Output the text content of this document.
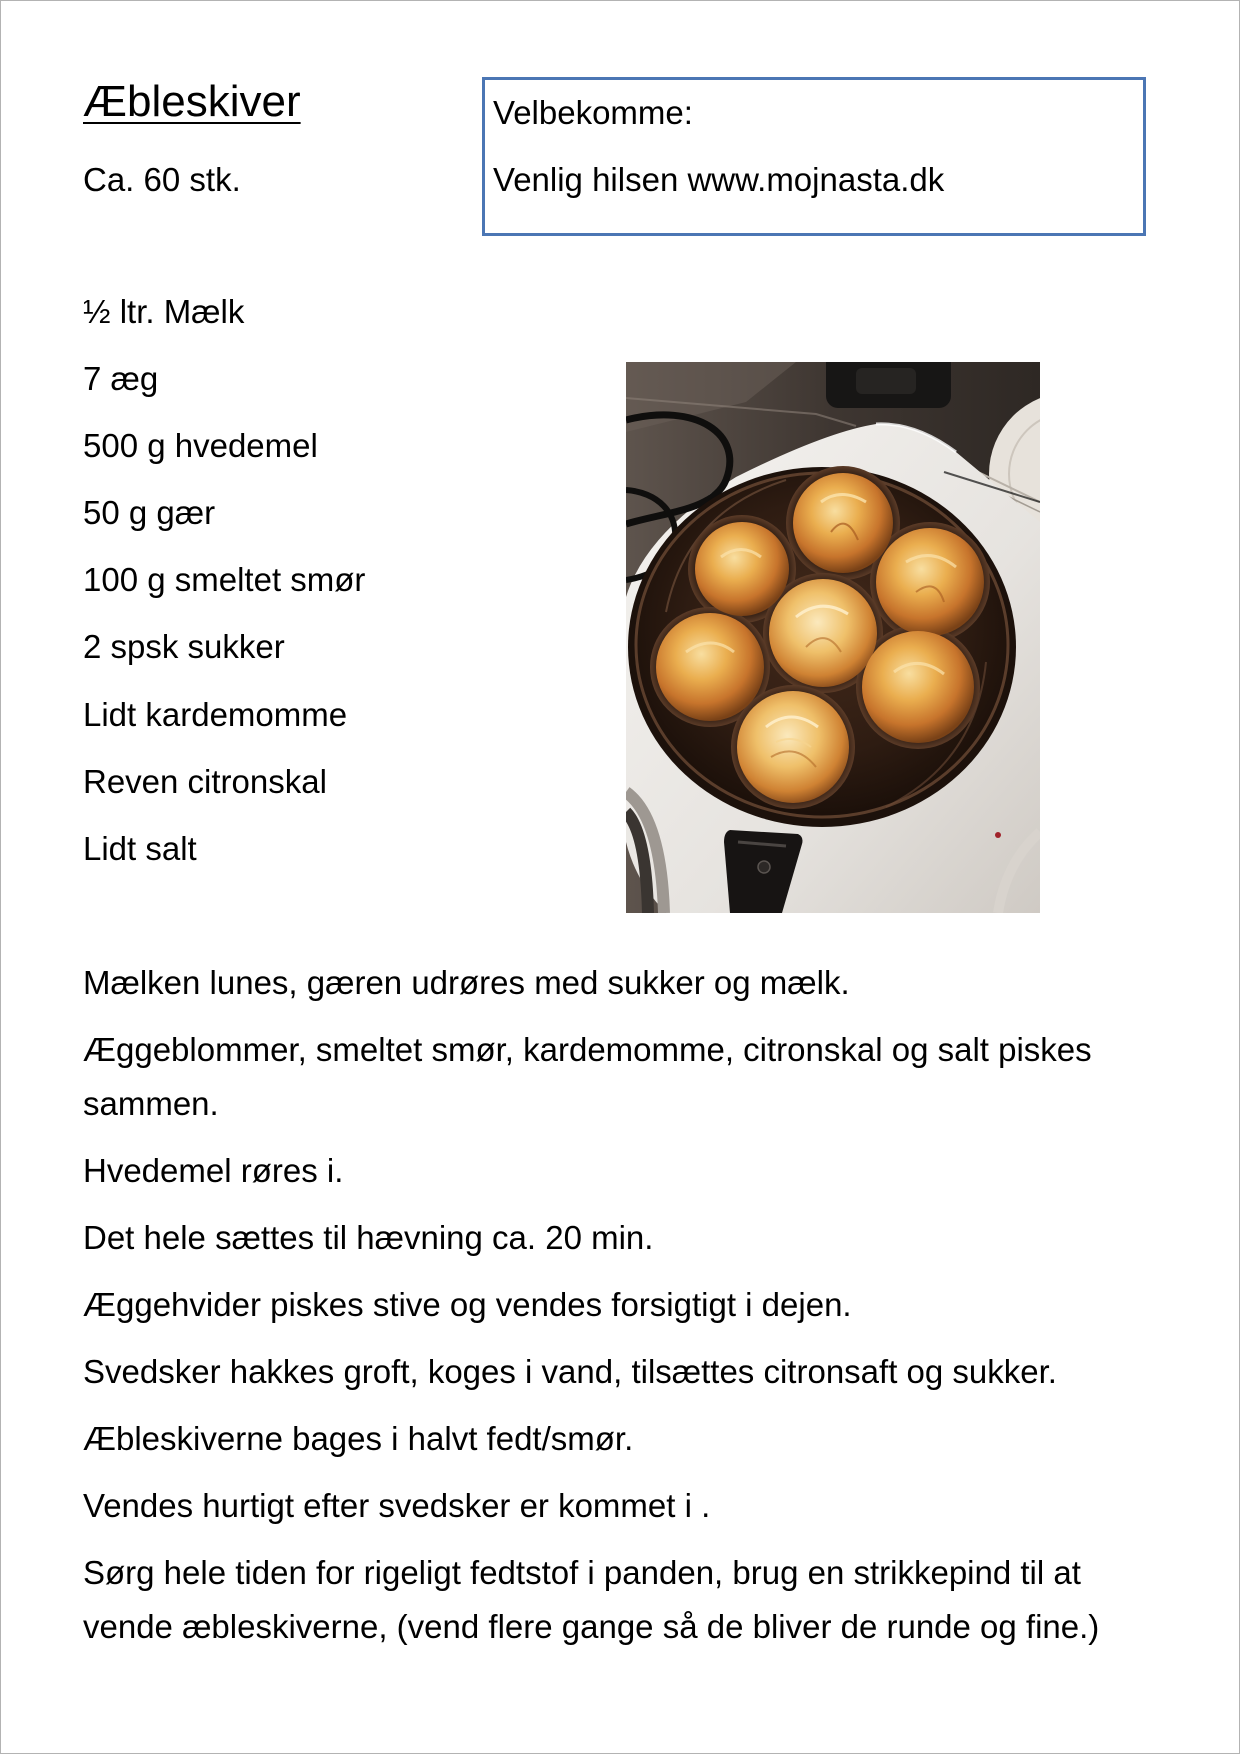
Æbleskiver
Ca. 60 stk.
Velbekomme:
Venlig hilsen www.mojnasta.dk
½ ltr. Mælk
7 æg
500 g hvedemel
50 g gær
100 g smeltet smør
2 spsk sukker
Lidt kardemomme
Reven citronskal
Lidt salt

Mælken lunes, gæren udrøres med sukker og mælk.

Æggeblommer, smeltet smør, kardemomme, citronskal og salt piskes sammen.

Hvedemel røres i.

Det hele sættes til hævning ca. 20 min.

Æggehvider piskes stive og vendes forsigtigt i dejen.

Svedsker hakkes groft, koges i vand, tilsættes citronsaft og sukker.

Æbleskiverne bages i halvt fedt/smør.

Vendes hurtigt efter svedsker er kommet i .

Sørg hele tiden for rigeligt fedtstof i panden, brug en strikkepind til at vende æbleskiverne, (vend flere gange så de bliver de runde og fine.)
